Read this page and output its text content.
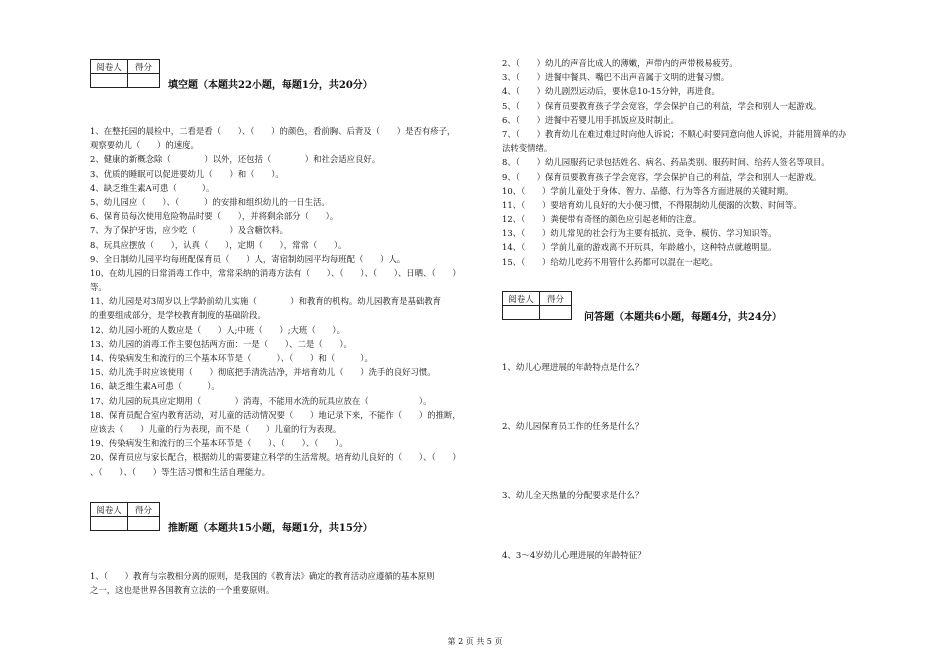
阅卷人	得分

填空题（本题共22小题，每题1分，共20分）
1、在整托园的晨检中，二看是看（　　）、（　　）的颜色，看前胸、后背及（　　）是否有疹子，
观察要幼儿（　　）的速度。
2、健康的新概念除（　　　　）以外，还包括（　　　　）和社会适应良好。
3、优质的睡眠可以促进要幼儿（　　）和（　　）。
4、缺乏维生素A可患（　　　）。
5、幼儿园应（　　）、（　　　）的安排和组织幼儿的一日生活。
6、保育员每次使用危险物品时要（　　），并将剩余部分（　　）。
7、为了保护牙齿，应少吃（　　　　）及含糖饮料。
8、玩具应摆放（　　），认真（　　），定期（　　），常常（　　）。
9、全日制幼儿园平均每班配保育员（　　）人，寄宿制幼园平均每班配（　　）人。
10、在幼儿园的日常消毒工作中，常常采纳的消毒方法有（　　）、（　　）、（　　）、日晒、（　　）
等。
11、幼儿园是对3周岁以上学龄前幼儿实施（　　　　）和教育的机构。幼儿园教育是基础教育
的重要组成部分，是学校教育制度的基础阶段。
12、幼儿园小班的人数应是（　　）人;中班（　　）;大班（　　）。
13、幼儿园的消毒工作主要包括两方面：一是（　　）、二是（　　）。
14、传染病发生和流行的三个基本环节是（　　　）、（　　）和（　　　）。
15、幼儿洗手时应该使用（　　）彻底把手清洗洁净，并培育幼儿（　　）洗手的良好习惯。
16、缺乏维生素A可患（　　　）。
17、幼儿园的玩具应定期用（　　　　）消毒，不能用水洗的玩具应放在（　　　　　　）。
18、保育员配合室内教育活动，对儿童的活动情况要（　　）地记录下来，不能作（　　）的推断，
应该去（　　）儿童的行为表现，而不是（　　）儿童的行为表现。
19、传染病发生和流行的三个基本环节是（　　）、（　　）、（　　）。
20、保育员应与家长配合，根据幼儿的需要建立科学的生活常规。培育幼儿良好的（　　）、（　　）
、（　　）、（　　）等生活习惯和生活自理能力。
阅卷人	得分

推断题（本题共15小题，每题1分，共15分）
1、（　　）教育与宗教相分离的原则，是我国的《教育法》确定的教育活动应遵循的基本原则
之一，这也是世界各国教育立法的一个重要原则。
2、（　　）幼儿的声音比成人的薄嫩，声带内的声带极易疲劳。
3、（　　）进餐中餐具、嘴巴不出声音属于文明的进餐习惯。
4、（　　）幼儿剧烈运动后，要休息10-15分钟，再进食。
5、（　　）保育员要教育孩子学会宽容，学会保护自己的利益，学会和别人一起游戏。
6、（　　）进餐中若婴儿用手抓饭应及时制止。
7、（　　）教育幼儿在难过难过时向他人诉说；不顺心时要同意向他人诉说，并能用简单的办
法转变情绪。
8、（　　）幼儿园服药记录包括姓名、病名、药品类别、服药时间、给药人签名等项目。
9、（　　）保育员要教育孩子学会宽容，学会保护自己的利益，学会和别人一起游戏。
10、（　　）学前儿童处于身体、智力、品德、行为等各方面进展的关键时期。
11、（　　）要培育幼儿良好的大小便习惯，不得限制幼儿便溺的次数、时间等。
12、（　　）粪便带有奇怪的颜色应引起老师的注意。
13、（　　）幼儿常见的社会行为主要有抵抗、竞争、模仿、学习知识等。
14、（　　）学前儿童的游戏离不开玩具，年龄越小，这种特点就越明显。
15、（　　）给幼儿吃药不用管什么药都可以混在一起吃。
阅卷人	得分

问答题（本题共6小题，每题4分，共24分）
1、幼儿心理进展的年龄特点是什么？
2、幼儿园保育员工作的任务是什么？
3、幼儿全天热量的分配要求是什么？
4、3～4岁幼儿心理进展的年龄特征？
第 2 页 共 5 页
